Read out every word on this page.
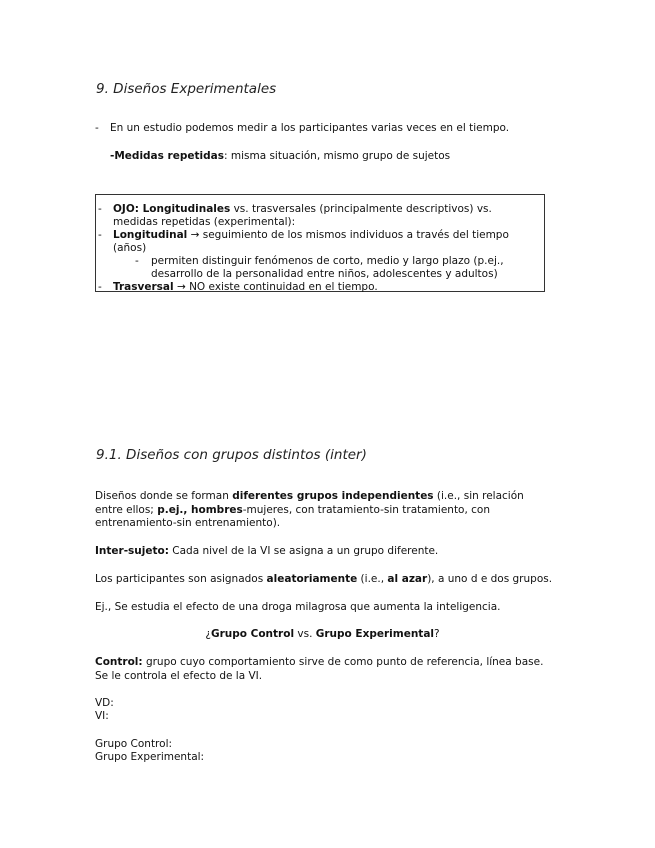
9. Diseños Experimentales
-	En un estudio podemos medir a los participantes varias veces en el tiempo.
-Medidas repetidas: misma situación, mismo grupo de sujetos
-	OJO: Longitudinales vs. trasversales (principalmente descriptivos) vs. medidas repetidas (experimental):
-	Longitudinal → seguimiento de los mismos individuos a través del tiempo (años)
-	permiten distinguir fenómenos de corto, medio y largo plazo (p.ej., desarrollo de la personalidad entre niños, adolescentes y adultos)
-	Trasversal → NO existe continuidad en el tiempo.
9.1. Diseños con grupos distintos (inter)
Diseños donde se forman diferentes grupos independientes (i.e., sin relación entre ellos; p.ej., hombres-mujeres, con tratamiento-sin tratamiento, con entrenamiento-sin entrenamiento).
Inter-sujeto: Cada nivel de la VI se asigna a un grupo diferente.
Los participantes son asignados aleatoriamente (i.e., al azar), a uno d e dos grupos.
Ej., Se estudia el efecto de una droga milagrosa que aumenta la inteligencia.
¿Grupo Control vs. Grupo Experimental?
Control: grupo cuyo comportamiento sirve de como punto de referencia, línea base. Se le controla el efecto de la VI.
VD:
VI:
Grupo Control:
Grupo Experimental:
